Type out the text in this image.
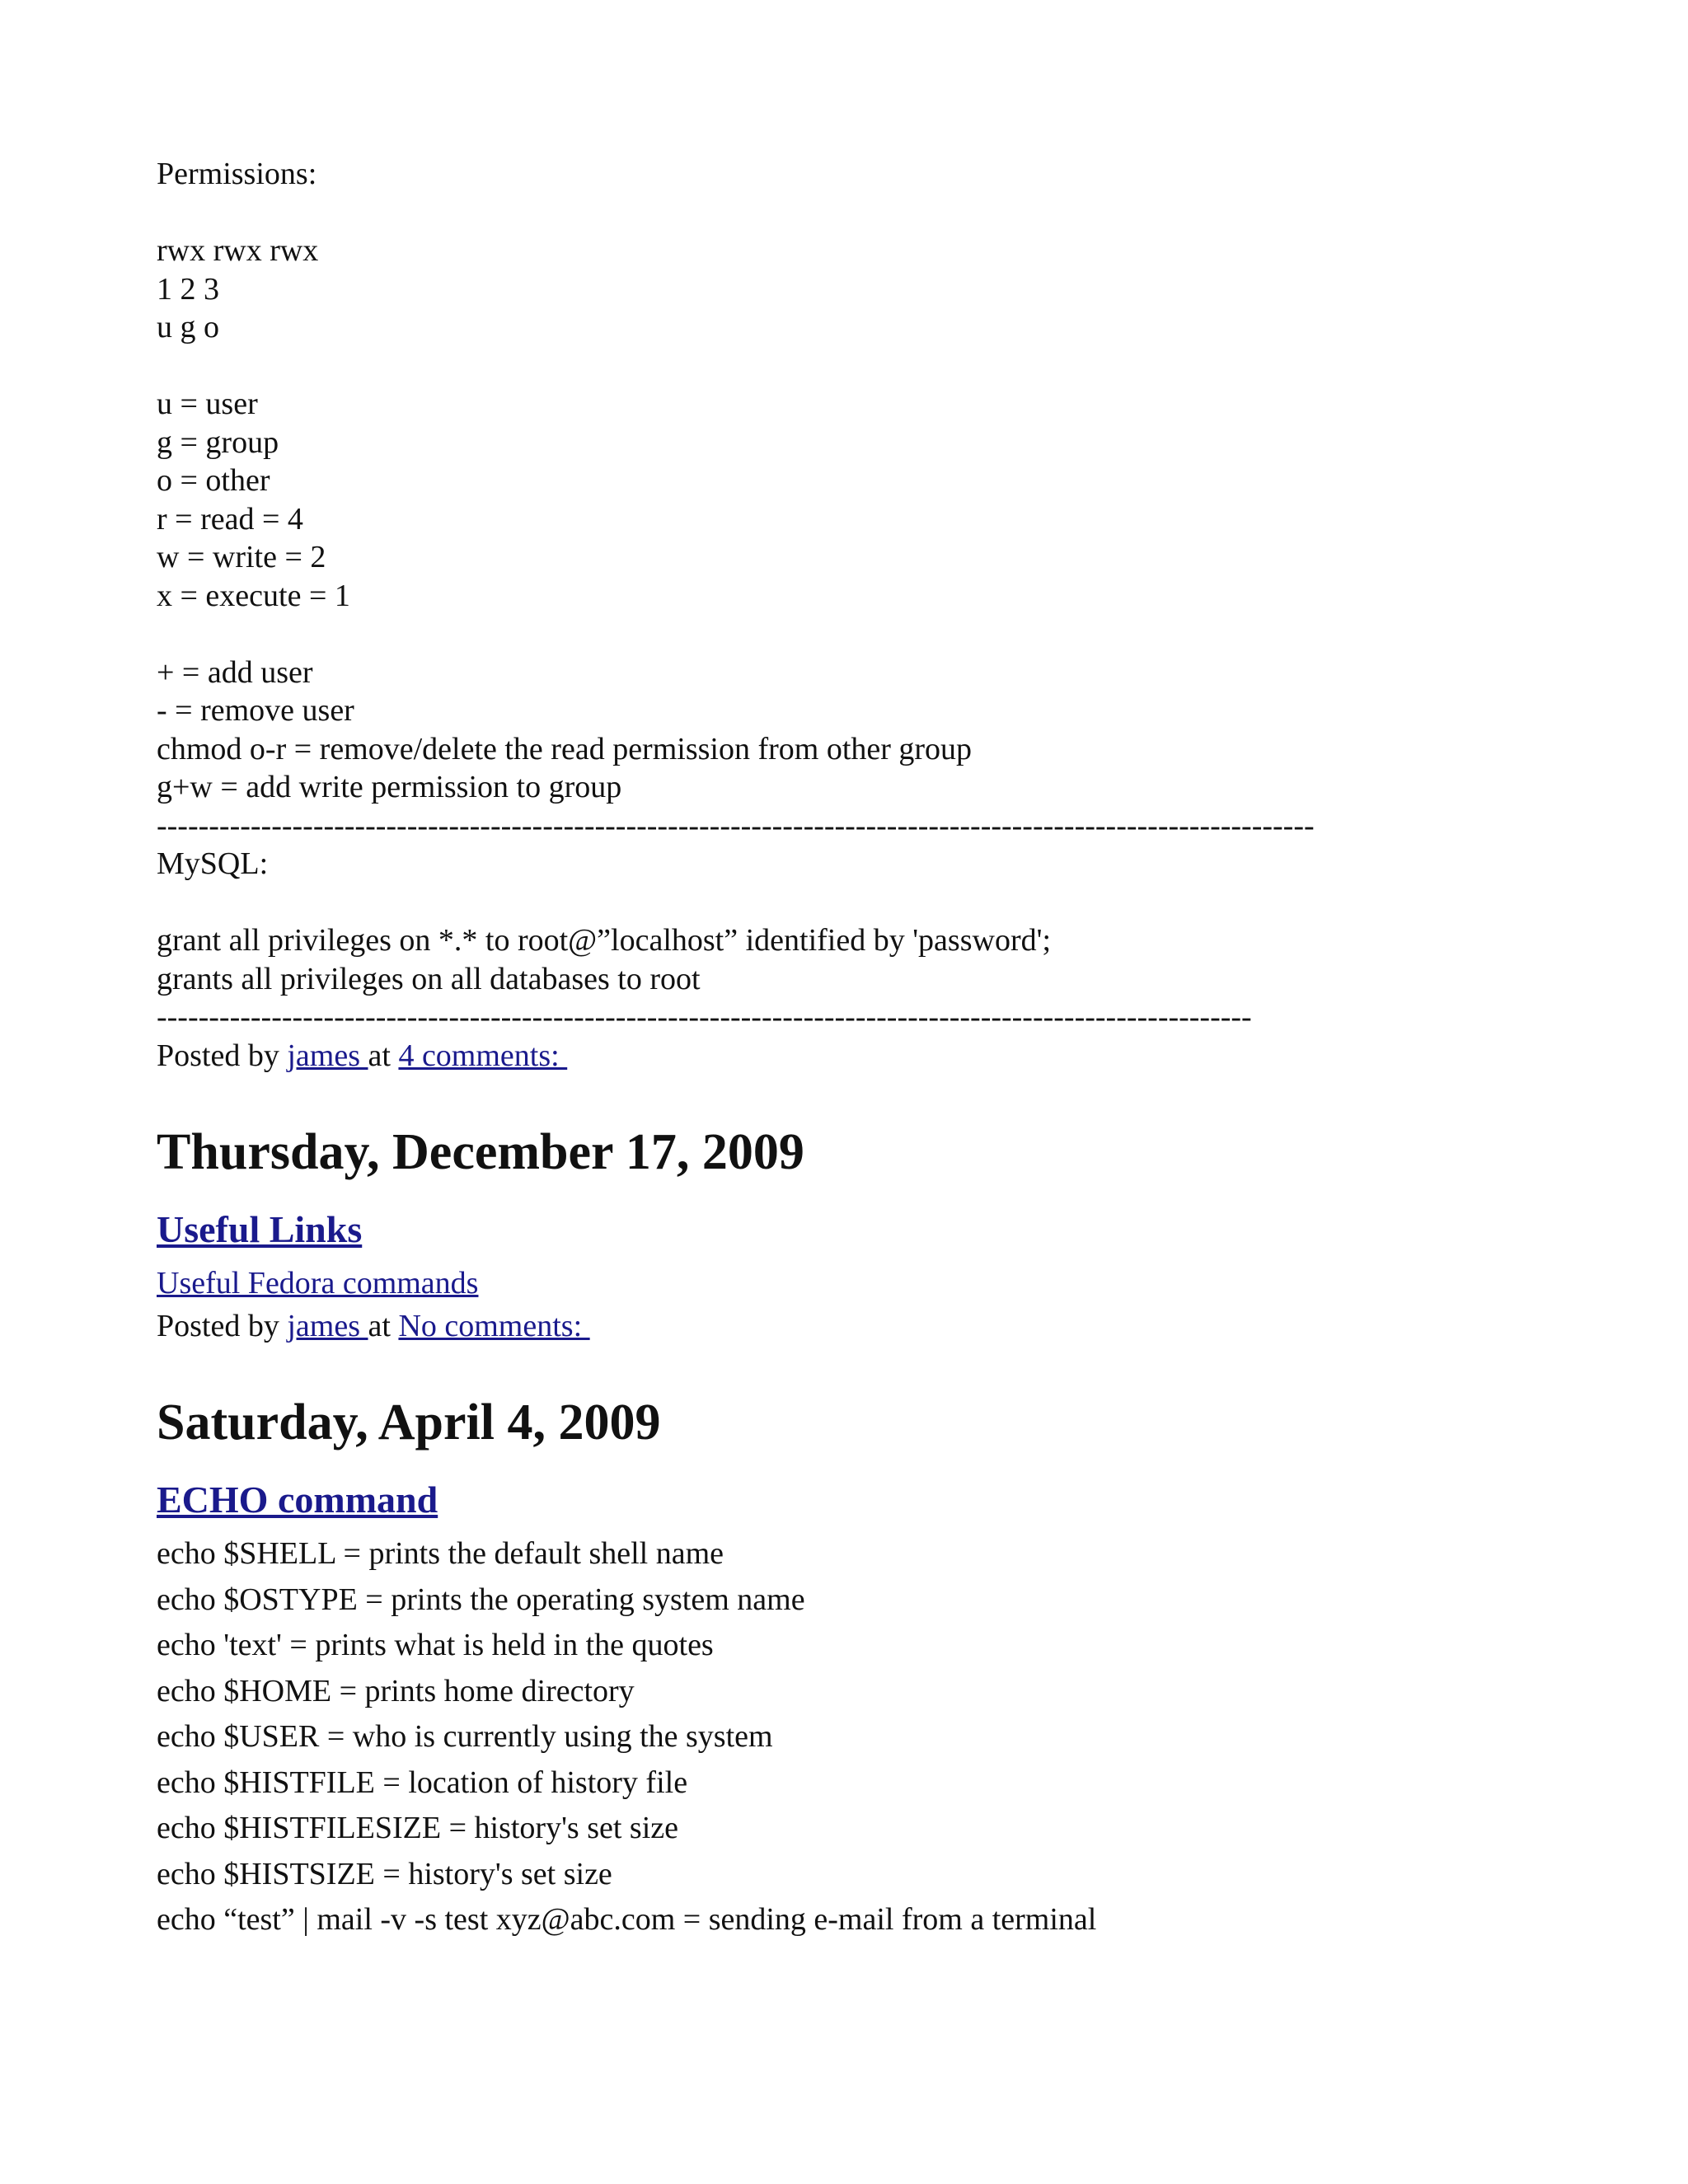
Permissions:

rwx rwx rwx

1 2 3

u g o

u = user

g = group

o = other

r = read = 4

w = write = 2

x = execute = 1

+ = add user

- = remove user

chmod o-r = remove/delete the read permission from other group

g+w = add write permission to group

---------------------------------------------------------------------------------------------------------------

MySQL:

grant all privileges on *.* to root@”localhost” identified by 'password';

grants all privileges on all databases to root

---------------------------------------------------------------------------------------------------------

Posted by james at 4 comments:

Thursday, December 17, 2009
Useful Links

Useful Fedora commands

Posted by james at No comments:

Saturday, April 4, 2009
ECHO command

echo $SHELL = prints the default shell name

echo $OSTYPE = prints the operating system name

echo 'text' = prints what is held in the quotes

echo $HOME = prints home directory

echo $USER = who is currently using the system

echo $HISTFILE = location of history file

echo $HISTFILESIZE = history's set size

echo $HISTSIZE = history's set size

echo “test” | mail -v -s test xyz@abc.com = sending e-mail from a terminal
